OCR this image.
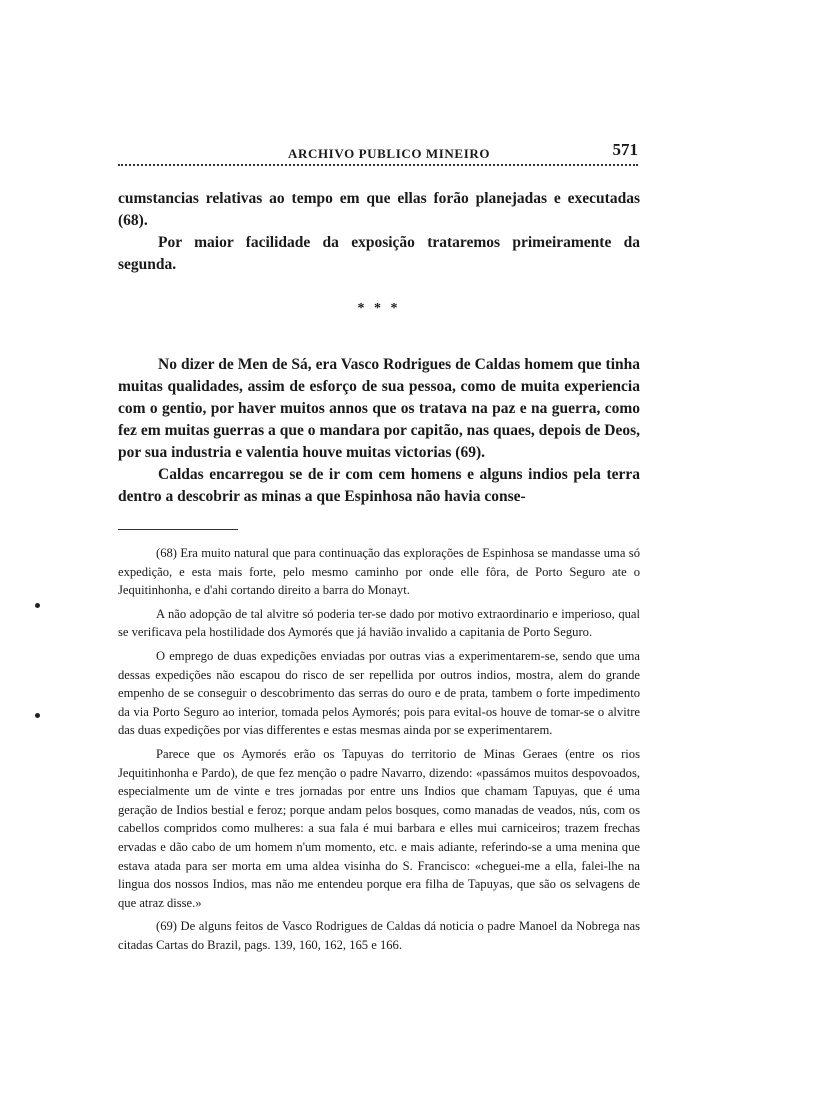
ARCHIVO PUBLICO MINEIRO	571

cumstancias relativas ao tempo em que ellas forão planejadas e executadas (68).

Por maior facilidade da exposição trataremos primeiramente da segunda.

* * *

No dizer de Men de Sá, era Vasco Rodrigues de Caldas homem que tinha muitas qualidades, assim de esforço de sua pessoa, como de muita experiencia com o gentio, por haver muitos annos que os tratava na paz e na guerra, como fez em muitas guerras a que o mandara por capitão, nas quaes, depois de Deos, por sua industria e valentia houve muitas victorias (69).

Caldas encarregou se de ir com cem homens e alguns indios pela terra dentro a descobrir as minas a que Espinhosa não havia conse-

(68) Era muito natural que para continuação das explorações de Espinhosa se mandasse uma só expedição, e esta mais forte, pelo mesmo caminho por onde elle fôra, de Porto Seguro ate o Jequitinhonha, e d'ahi cortando direito a barra do Monayt.

A não adopção de tal alvitre só poderia ter-se dado por motivo extraordinario e imperioso, qual se verificava pela hostilidade dos Aymorés que já havião invalido a capitania de Porto Seguro.

O emprego de duas expedições enviadas por outras vias a experimentarem-se, sendo que uma dessas expedições não escapou do risco de ser repellida por outros indios, mostra, alem do grande empenho de se conseguir o descobrimento das serras do ouro e de prata, tambem o forte impedimento da via Porto Seguro ao interior, tomada pelos Aymorés; pois para evital-os houve de tomar-se o alvitre das duas expedições por vias differentes e estas mesmas ainda por se experimentarem.

Parece que os Aymorés erão os Tapuyas do territorio de Minas Geraes (entre os rios Jequitinhonha e Pardo), de que fez menção o padre Navarro, dizendo: «passámos muitos despovoados, especialmente um de vinte e tres jornadas por entre uns Indios que chamam Tapuyas, que é uma geração de Indios bestial e feroz; porque andam pelos bosques, como manadas de veados, nús, com os cabellos compridos como mulheres: a sua fala é mui barbara e elles mui carniceiros; trazem frechas ervadas e dão cabo de um homem n'um momento, etc. e mais adiante, referindo-se a uma menina que estava atada para ser morta em uma aldea visinha do S. Francisco: «cheguei-me a ella, falei-lhe na lingua dos nossos Indios, mas não me entendeu porque era filha de Tapuyas, que são os selvagens de que atraz disse.»

(69) De alguns feitos de Vasco Rodrigues de Caldas dá noticia o padre Manoel da Nobrega nas citadas Cartas do Brazil, pags. 139, 160, 162, 165 e 166.
